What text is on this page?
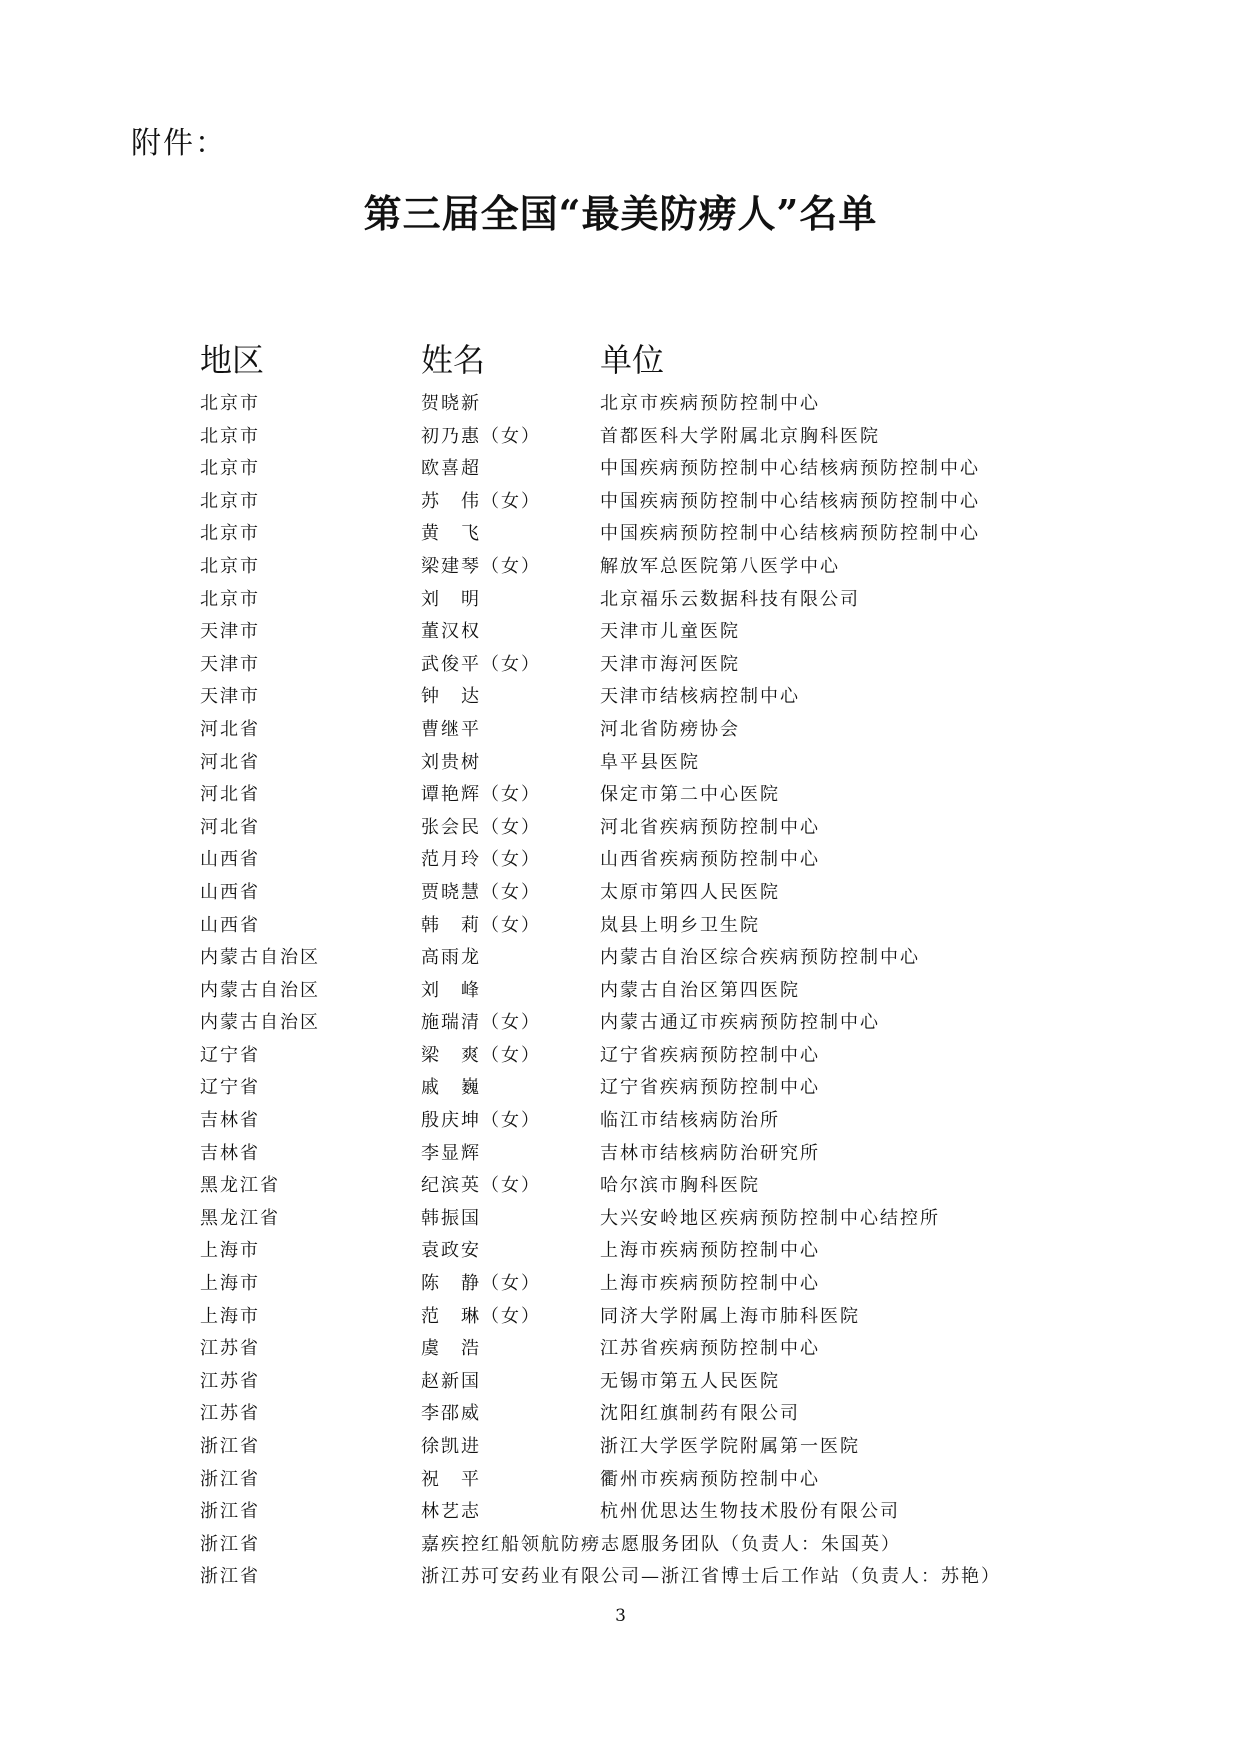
附件：
第三届全国“最美防痨人”名单
地区	姓名	单位
北京市	贺晓新	北京市疾病预防控制中心
北京市	初乃惠（女）	首都医科大学附属北京胸科医院
北京市	欧喜超	中国疾病预防控制中心结核病预防控制中心
北京市	苏　伟（女）	中国疾病预防控制中心结核病预防控制中心
北京市	黄　飞	中国疾病预防控制中心结核病预防控制中心
北京市	梁建琴（女）	解放军总医院第八医学中心
北京市	刘　明	北京福乐云数据科技有限公司
天津市	董汉权	天津市儿童医院
天津市	武俊平（女）	天津市海河医院
天津市	钟　达	天津市结核病控制中心
河北省	曹继平	河北省防痨协会
河北省	刘贵树	阜平县医院
河北省	谭艳辉（女）	保定市第二中心医院
河北省	张会民（女）	河北省疾病预防控制中心
山西省	范月玲（女）	山西省疾病预防控制中心
山西省	贾晓慧（女）	太原市第四人民医院
山西省	韩　莉（女）	岚县上明乡卫生院
内蒙古自治区	高雨龙	内蒙古自治区综合疾病预防控制中心
内蒙古自治区	刘　峰	内蒙古自治区第四医院
内蒙古自治区	施瑞清（女）	内蒙古通辽市疾病预防控制中心
辽宁省	梁　爽（女）	辽宁省疾病预防控制中心
辽宁省	戚　巍	辽宁省疾病预防控制中心
吉林省	殷庆坤（女）	临江市结核病防治所
吉林省	李显辉	吉林市结核病防治研究所
黑龙江省	纪滨英（女）	哈尔滨市胸科医院
黑龙江省	韩振国	大兴安岭地区疾病预防控制中心结控所
上海市	袁政安	上海市疾病预防控制中心
上海市	陈　静（女）	上海市疾病预防控制中心
上海市	范　琳（女）	同济大学附属上海市肺科医院
江苏省	虞　浩	江苏省疾病预防控制中心
江苏省	赵新国	无锡市第五人民医院
江苏省	李邵威	沈阳红旗制药有限公司
浙江省	徐凯进	浙江大学医学院附属第一医院
浙江省	祝　平	衢州市疾病预防控制中心
浙江省	林艺志	杭州优思达生物技术股份有限公司
浙江省	嘉疾控红船领航防痨志愿服务团队（负责人：朱国英）
浙江省	浙江苏可安药业有限公司—浙江省博士后工作站（负责人：苏艳）
3
